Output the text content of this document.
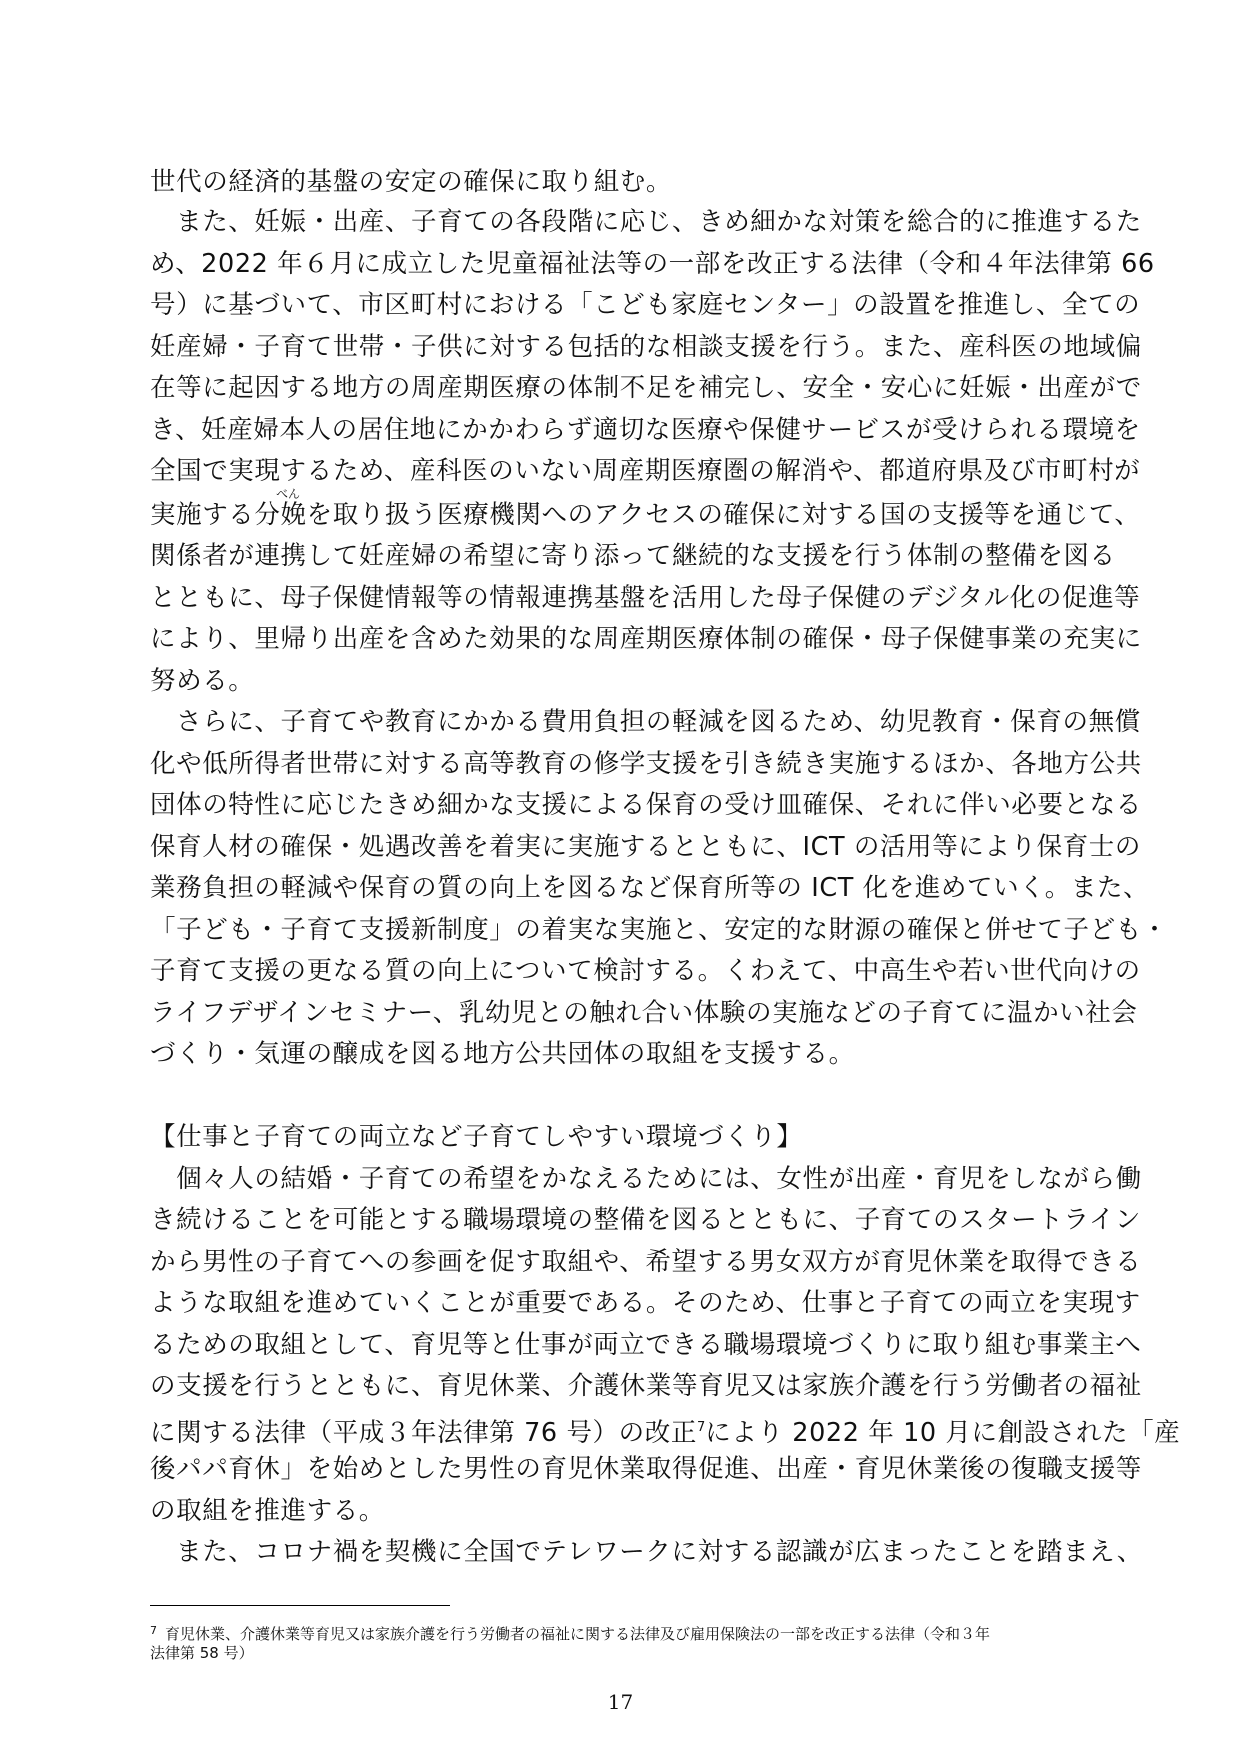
世代の経済的基盤の安定の確保に取り組む。
　また、妊娠・出産、子育ての各段階に応じ、きめ細かな対策を総合的に推進するた
め、2022 年６月に成立した児童福祉法等の一部を改正する法律（令和４年法律第 66
号）に基づいて、市区町村における「こども家庭センター」の設置を推進し、全ての
妊産婦・子育て世帯・子供に対する包括的な相談支援を行う。また、産科医の地域偏
在等に起因する地方の周産期医療の体制不足を補完し、安全・安心に妊娠・出産がで
き、妊産婦本人の居住地にかかわらず適切な医療や保健サービスが受けられる環境を
全国で実現するため、産科医のいない周産期医療圏の解消や、都道府県及び市町村が
べん
実施する分娩を取り扱う医療機関へのアクセスの確保に対する国の支援等を通じて、
関係者が連携して妊産婦の希望に寄り添って継続的な支援を行う体制の整備を図る
とともに、母子保健情報等の情報連携基盤を活用した母子保健のデジタル化の促進等
により、里帰り出産を含めた効果的な周産期医療体制の確保・母子保健事業の充実に
努める。
　さらに、子育てや教育にかかる費用負担の軽減を図るため、幼児教育・保育の無償
化や低所得者世帯に対する高等教育の修学支援を引き続き実施するほか、各地方公共
団体の特性に応じたきめ細かな支援による保育の受け皿確保、それに伴い必要となる
保育人材の確保・処遇改善を着実に実施するとともに、ICT の活用等により保育士の
業務負担の軽減や保育の質の向上を図るなど保育所等の ICT 化を進めていく。また、
「子ども・子育て支援新制度」の着実な実施と、安定的な財源の確保と併せて子ども・
子育て支援の更なる質の向上について検討する。くわえて、中高生や若い世代向けの
ライフデザインセミナー、乳幼児との触れ合い体験の実施などの子育てに温かい社会
づくり・気運の醸成を図る地方公共団体の取組を支援する。
【仕事と子育ての両立など子育てしやすい環境づくり】
　個々人の結婚・子育ての希望をかなえるためには、女性が出産・育児をしながら働
き続けることを可能とする職場環境の整備を図るとともに、子育てのスタートライン
から男性の子育てへの参画を促す取組や、希望する男女双方が育児休業を取得できる
ような取組を進めていくことが重要である。そのため、仕事と子育ての両立を実現す
るための取組として、育児等と仕事が両立できる職場環境づくりに取り組む事業主へ
の支援を行うとともに、育児休業、介護休業等育児又は家族介護を行う労働者の福祉
に関する法律（平成３年法律第 76 号）の改正$^7$により 2022 年 10 月に創設された「産
後パパ育休」を始めとした男性の育児休業取得促進、出産・育児休業後の復職支援等
の取組を推進する。
　また、コロナ禍を契機に全国でテレワークに対する認識が広まったことを踏まえ、
$^7$ 育児休業、介護休業等育児又は家族介護を行う労働者の福祉に関する法律及び雇用保険法の一部を改正する法律（令和３年
法律第 58 号）
17
